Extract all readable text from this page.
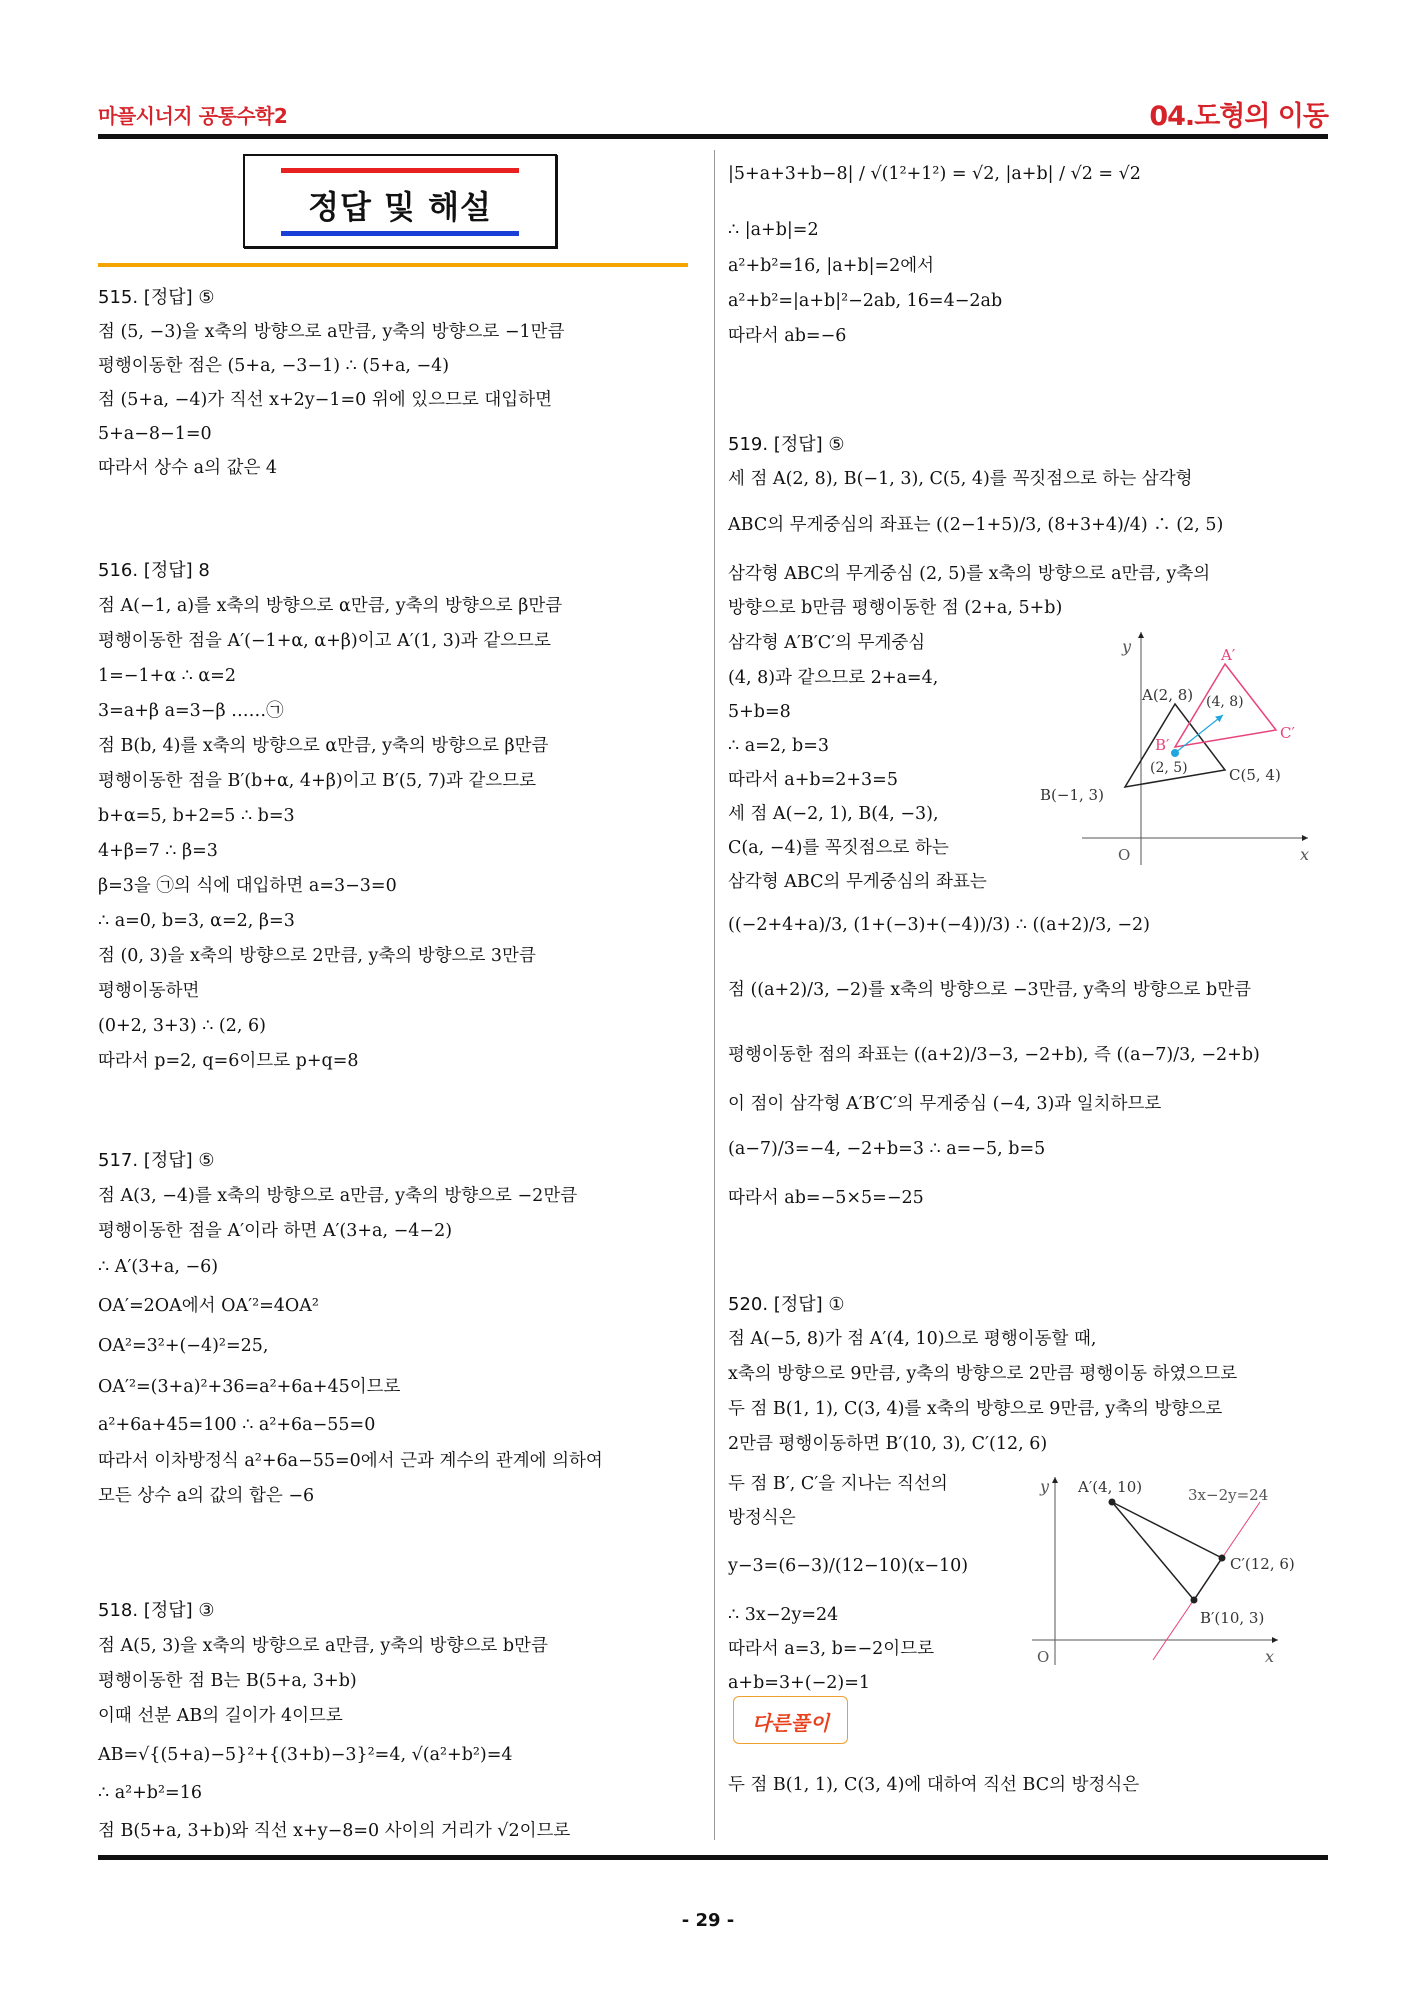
마플시너지 공통수학2	04.도형의 이동
정답 및 해설
515. [정답] ⑤
점 (5, −3)을 x축의 방향으로 a만큼, y축의 방향으로 −1만큼
평행이동한 점은 (5+a, −3−1) ∴ (5+a, −4)
점 (5+a, −4)가 직선 x+2y−1=0 위에 있으므로 대입하면
5+a−8−1=0
따라서 상수 a의 값은 4
516. [정답] 8
점 A(−1, a)를 x축의 방향으로 α만큼, y축의 방향으로 β만큼
평행이동한 점을 A′(−1+α, α+β)이고 A′(1, 3)과 같으므로
1=−1+α ∴ α=2
3=a+β a=3−β ……㉠
점 B(b, 4)를 x축의 방향으로 α만큼, y축의 방향으로 β만큼
평행이동한 점을 B′(b+α, 4+β)이고 B′(5, 7)과 같으므로
b+α=5, b+2=5 ∴ b=3
4+β=7 ∴ β=3
β=3을 ㉠의 식에 대입하면 a=3−3=0
∴ a=0, b=3, α=2, β=3
점 (0, 3)을 x축의 방향으로 2만큼, y축의 방향으로 3만큼
평행이동하면
(0+2, 3+3) ∴ (2, 6)
따라서 p=2, q=6이므로 p+q=8
517. [정답] ⑤
점 A(3, −4)를 x축의 방향으로 a만큼, y축의 방향으로 −2만큼
평행이동한 점을 A′이라 하면 A′(3+a, −4−2)
∴ A′(3+a, −6)
OA′=2OA에서 OA′²=4OA²
OA²=3²+(−4)²=25,
OA′²=(3+a)²+36=a²+6a+45이므로
a²+6a+45=100 ∴ a²+6a−55=0
따라서 이차방정식 a²+6a−55=0에서 근과 계수의 관계에 의하여
모든 상수 a의 값의 합은 −6
518. [정답] ③
점 A(5, 3)을 x축의 방향으로 a만큼, y축의 방향으로 b만큼
평행이동한 점 B는 B(5+a, 3+b)
이때 선분 AB의 길이가 4이므로
AB=√{(5+a)−5}²+{(3+b)−3}²=4, √(a²+b²)=4
∴ a²+b²=16
점 B(5+a, 3+b)와 직선 x+y−8=0 사이의 거리가 √2이므로
|5+a+3+b−8| / √(1²+1²) = √2, |a+b| / √2 = √2
∴ |a+b|=2
a²+b²=16, |a+b|=2에서
a²+b²=|a+b|²−2ab, 16=4−2ab
따라서 ab=−6
519. [정답] ⑤
세 점 A(2, 8), B(−1, 3), C(5, 4)를 꼭짓점으로 하는 삼각형
ABC의 무게중심의 좌표는 ((2−1+5)/3, (8+3+4)/4) ∴ (2, 5)
삼각형 ABC의 무게중심 (2, 5)를 x축의 방향으로 a만큼, y축의
방향으로 b만큼 평행이동한 점 (2+a, 5+b)
삼각형 A′B′C′의 무게중심
(4, 8)과 같으므로 2+a=4,
5+b=8
∴ a=2, b=3
따라서 a+b=2+3=5
세 점 A(−2, 1), B(4, −3),
C(a, −4)를 꼭짓점으로 하는
삼각형 ABC의 무게중심의 좌표는
((−2+4+a)/3, (1+(−3)+(−4))/3) ∴ ((a+2)/3, −2)
점 ((a+2)/3, −2)를 x축의 방향으로 −3만큼, y축의 방향으로 b만큼
평행이동한 점의 좌표는 ((a+2)/3−3, −2+b), 즉 ((a−7)/3, −2+b)
이 점이 삼각형 A′B′C′의 무게중심 (−4, 3)과 일치하므로
(a−7)/3=−4, −2+b=3 ∴ a=−5, b=5
따라서 ab=−5×5=−25
520. [정답] ①
점 A(−5, 8)가 점 A′(4, 10)으로 평행이동할 때,
x축의 방향으로 9만큼, y축의 방향으로 2만큼 평행이동 하였으므로
두 점 B(1, 1), C(3, 4)를 x축의 방향으로 9만큼, y축의 방향으로
2만큼 평행이동하면 B′(10, 3), C′(12, 6)
두 점 B′, C′을 지나는 직선의
방정식은
y−3=(6−3)/(12−10)(x−10)
∴ 3x−2y=24
따라서 a=3, b=−2이므로
a+b=3+(−2)=1
두 점 B(1, 1), C(3, 4)에 대하여 직선 BC의 방정식은
다른풀이
x
y
O
A(2, 8)
B(−1, 3)
C(5, 4)
A′
B′
C′
(2, 5)
(4, 8)
x
y
O
A′(4, 10)
B′(10, 3)
C′(12, 6)
3x−2y=24
- 29 -
